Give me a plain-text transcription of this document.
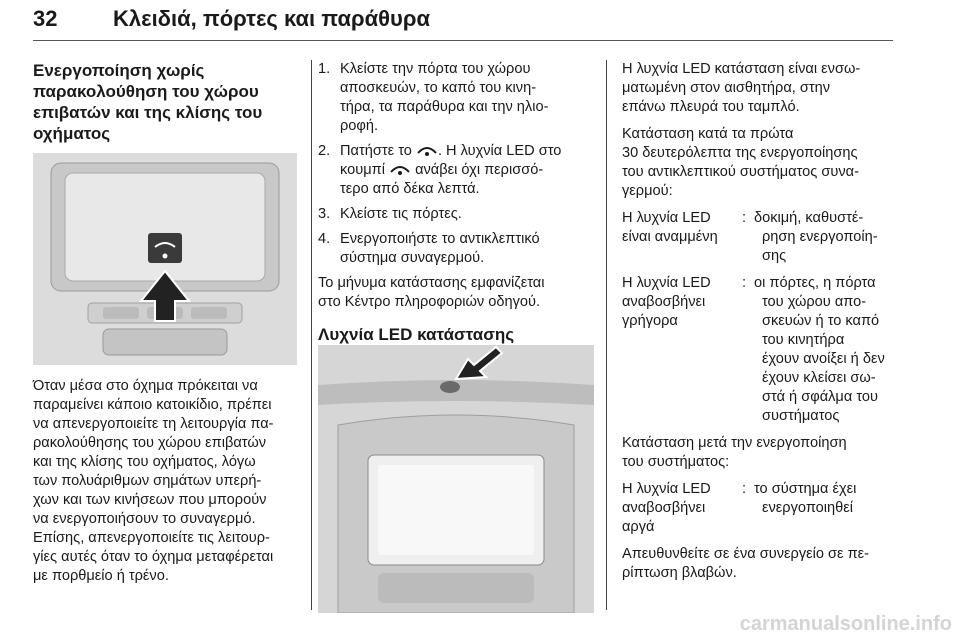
32	Κλειδιά, πόρτες και παράθυρα
Ενεργοποίηση χωρίς
παρακολούθηση του χώρου
επιβατών και της κλίσης του
οχήματος

Όταν μέσα στο όχημα πρόκειται να
παραμείνει κάποιο κατοικίδιο, πρέπει
να απενεργοποιείτε τη λειτουργία πα-
ρακολούθησης του χώρου επιβατών
και της κλίσης του οχήματος, λόγω
των πολυάριθμων σημάτων υπερή-
χων και των κινήσεων που μπορούν
να ενεργοποιήσουν το συναγερμό.
Επίσης, απενεργοποιείτε τις λειτουρ-
γίες αυτές όταν το όχημα μεταφέρεται
με πορθμείο ή τρένο.

1. Κλείστε την πόρτα του χώρου
αποσκευών, το καπό του κινη-
τήρα, τα παράθυρα και την ηλιο-
ροφή.
2. Πατήστε το . Η λυχνία LED στο
κουμπί ανάβει όχι περισσό-
τερο από δέκα λεπτά.
3. Κλείστε τις πόρτες.
4. Ενεργοποιήστε το αντικλεπτικό
σύστημα συναγερμού.

Το μήνυμα κατάστασης εμφανίζεται
στο Κέντρο πληροφοριών οδηγού.

Λυχνία LED κατάστασης

Η λυχνία LED κατάσταση είναι ενσω-
ματωμένη στον αισθητήρα, στην
επάνω πλευρά του ταμπλό.

Κατάσταση κατά τα πρώτα
30 δευτερόλεπτα της ενεργοποίησης
του αντικλεπτικού συστήματος συνα-
γερμού:

Η λυχνία LED
είναι αναμμένη
: δοκιμή, καθυστέ-
ρηση ενεργοποίη-
σης
Η λυχνία LED
αναβοσβήνει
γρήγορα
: οι πόρτες, η πόρτα
του χώρου απο-
σκευών ή το καπό
του κινητήρα
έχουν ανοίξει ή δεν
έχουν κλείσει σω-
στά ή σφάλμα του
συστήματος

Κατάσταση μετά την ενεργοποίηση
του συστήματος:

Η λυχνία LED
αναβοσβήνει
αργά
: το σύστημα έχει
ενεργοποιηθεί

Απευθυνθείτε σε ένα συνεργείο σε πε-
ρίπτωση βλαβών.

carmanualsonline.info
